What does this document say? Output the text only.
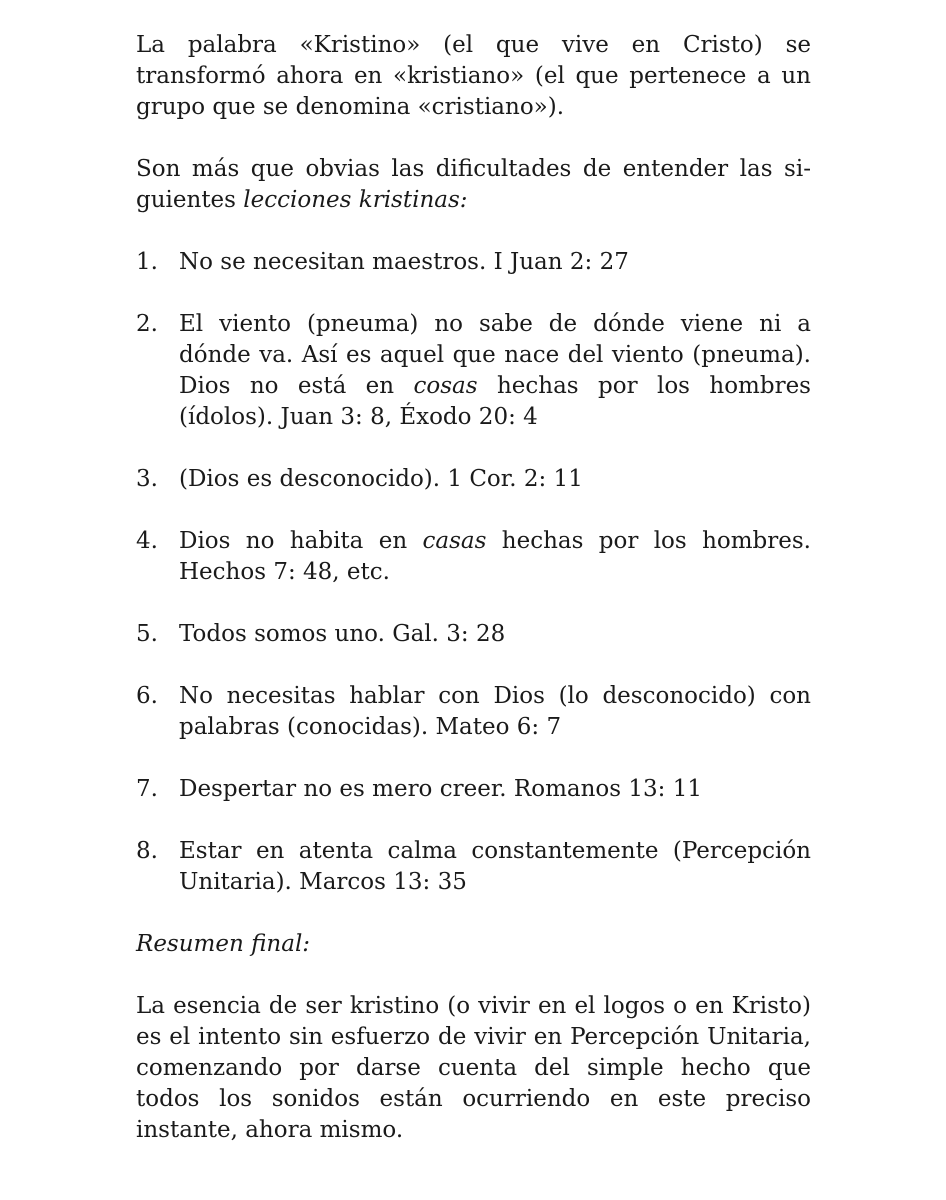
La palabra «Kristino» (el que vive en Cristo) se transformó ahora en «kristiano» (el que pertenece a un grupo que se denomina «cristiano»).

Son más que obvias las dificultades de entender las si-guientes lecciones kristinas:

1. No se necesitan maestros. I Juan 2: 27
2. El viento (pneuma) no sabe de dónde viene ni a dónde va. Así es aquel que nace del viento (pneuma). Dios no está en cosas hechas por los hombres (ídolos). Juan 3: 8, Éxodo 20: 4
3. (Dios es desconocido). 1 Cor. 2: 11
4. Dios no habita en casas hechas por los hombres. Hechos 7: 48, etc.
5. Todos somos uno. Gal. 3: 28
6. No necesitas hablar con Dios (lo desconocido) con palabras (conocidas). Mateo 6: 7
7. Despertar no es mero creer. Romanos 13: 11
8. Estar en atenta calma constantemente (Percepción Unitaria). Marcos 13: 35

Resumen final:

La esencia de ser kristino (o vivir en el logos o en Kristo) es el intento sin esfuerzo de vivir en Percepción Unitaria, comenzando por darse cuenta del simple hecho que todos los sonidos están ocurriendo en este preciso instante, ahora mismo.
